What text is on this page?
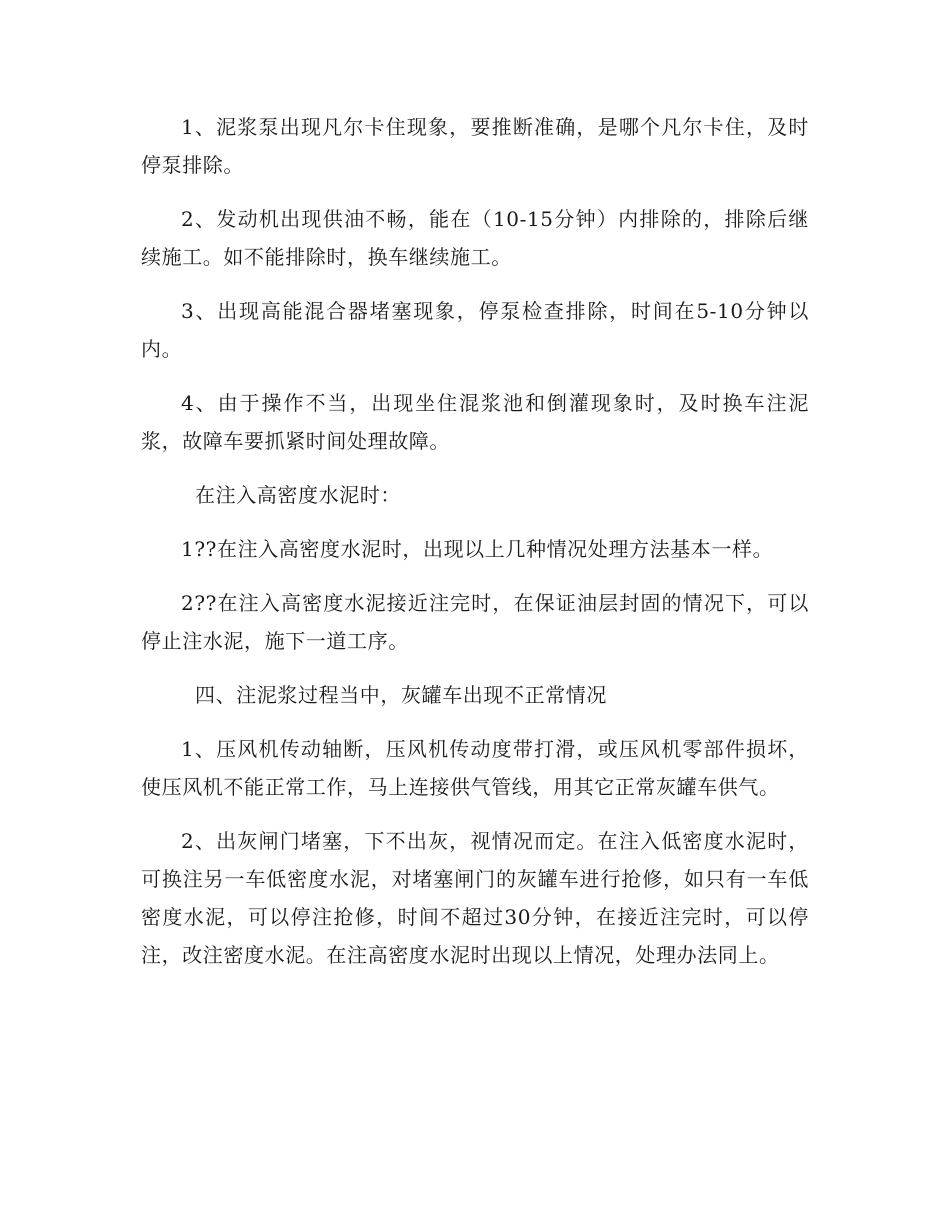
1、泥浆泵出现凡尔卡住现象，要推断准确，是哪个凡尔卡住，及时停泵排除。

2、发动机出现供油不畅，能在（10-15分钟）内排除的，排除后继续施工。如不能排除时，换车继续施工。

3、出现高能混合器堵塞现象，停泵检查排除，时间在5-10分钟以内。

4、由于操作不当，出现坐住混浆池和倒灌现象时，及时换车注泥浆，故障车要抓紧时间处理故障。

在注入高密度水泥时：

1??在注入高密度水泥时，出现以上几种情况处理方法基本一样。

2??在注入高密度水泥接近注完时，在保证油层封固的情况下，可以停止注水泥，施下一道工序。

四、注泥浆过程当中，灰罐车出现不正常情况

1、压风机传动轴断，压风机传动度带打滑，或压风机零部件损坏，使压风机不能正常工作，马上连接供气管线，用其它正常灰罐车供气。

2、出灰闸门堵塞，下不出灰，视情况而定。在注入低密度水泥时，可换注另一车低密度水泥，对堵塞闸门的灰罐车进行抢修，如只有一车低密度水泥，可以停注抢修，时间不超过30分钟，在接近注完时，可以停注，改注密度水泥。在注高密度水泥时出现以上情况，处理办法同上。
